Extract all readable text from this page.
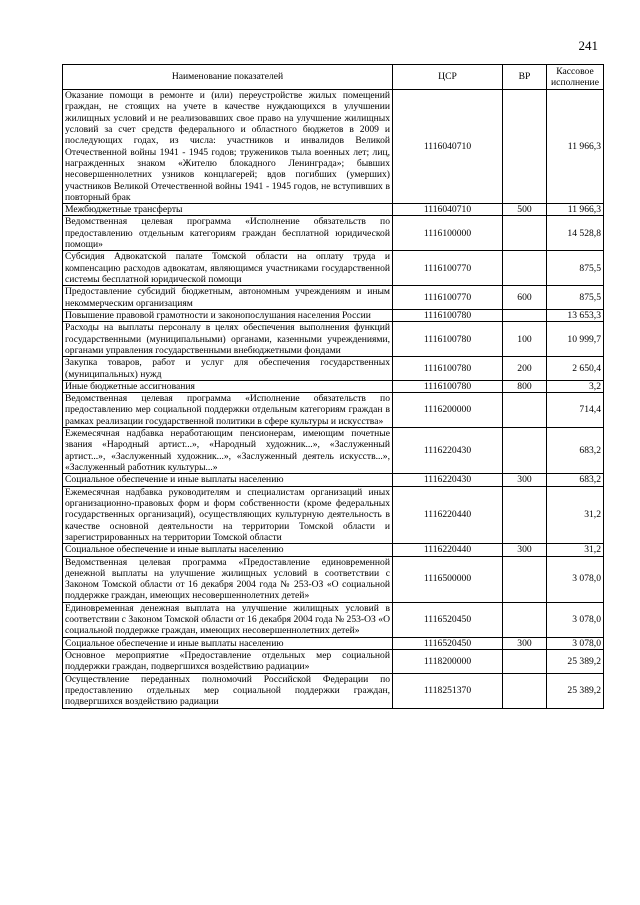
241
Наименование показателей	ЦСР	ВР	Кассовое исполнение
Оказание помощи в ремонте и (или) переустройстве жилых помещений граждан, не стоящих на учете в качестве нуждающихся в улучшении жилищных условий и не реализовавших свое право на улучшение жилищных условий за счет средств федерального и областного бюджетов в 2009 и последующих годах, из числа: участников и инвалидов Великой Отечественной войны 1941 - 1945 годов; тружеников тыла военных лет; лиц, награжденных знаком «Жителю блокадного Ленинграда»; бывших несовершеннолетних узников концлагерей; вдов погибших (умерших) участников Великой Отечественной войны 1941 - 1945 годов, не вступивших в повторный брак	1116040710		11 966,3
Межбюджетные трансферты	1116040710	500	11 966,3
Ведомственная целевая программа «Исполнение обязательств по предоставлению отдельным категориям граждан бесплатной юридической помощи»	1116100000		14 528,8
Субсидия Адвокатской палате Томской области на оплату труда и компенсацию расходов адвокатам, являющимся участниками государственной системы бесплатной юридической помощи	1116100770		875,5
Предоставление субсидий бюджетным, автономным учреждениям и иным некоммерческим организациям	1116100770	600	875,5
Повышение правовой грамотности и законопослушания населения России	1116100780		13 653,3
Расходы на выплаты персоналу в целях обеспечения выполнения функций государственными (муниципальными) органами, казенными учреждениями, органами управления государственными внебюджетными фондами	1116100780	100	10 999,7
Закупка товаров, работ и услуг для обеспечения государственных (муниципальных) нужд	1116100780	200	2 650,4
Иные бюджетные ассигнования	1116100780	800	3,2
Ведомственная целевая программа «Исполнение обязательств по предоставлению мер социальной поддержки отдельным категориям граждан в рамках реализации государственной политики в сфере культуры и искусства»	1116200000		714,4
Ежемесячная надбавка неработающим пенсионерам, имеющим почетные звания «Народный артист...», «Народный художник...», «Заслуженный артист...», «Заслуженный художник...», «Заслуженный деятель искусств...», «Заслуженный работник культуры...»	1116220430		683,2
Социальное обеспечение и иные выплаты населению	1116220430	300	683,2
Ежемесячная надбавка руководителям и специалистам организаций иных организационно-правовых форм и форм собственности (кроме федеральных государственных организаций), осуществляющих культурную деятельность в качестве основной деятельности на территории Томской области и зарегистрированных на территории Томской области	1116220440		31,2
Социальное обеспечение и иные выплаты населению	1116220440	300	31,2
Ведомственная целевая программа «Предоставление единовременной денежной выплаты на улучшение жилищных условий в соответствии с Законом Томской области от 16 декабря 2004 года № 253-ОЗ «О социальной поддержке граждан, имеющих несовершеннолетних детей»	1116500000		3 078,0
Единовременная денежная выплата на улучшение жилищных условий в соответствии с Законом Томской области от 16 декабря 2004 года № 253-ОЗ «О социальной поддержке граждан, имеющих несовершеннолетних детей»	1116520450		3 078,0
Социальное обеспечение и иные выплаты населению	1116520450	300	3 078,0
Основное мероприятие «Предоставление отдельных мер социальной поддержки граждан, подвергшихся воздействию радиации»	1118200000		25 389,2
Осуществление переданных полномочий Российской Федерации по предоставлению отдельных мер социальной поддержки граждан, подвергшихся воздействию радиации	1118251370		25 389,2
